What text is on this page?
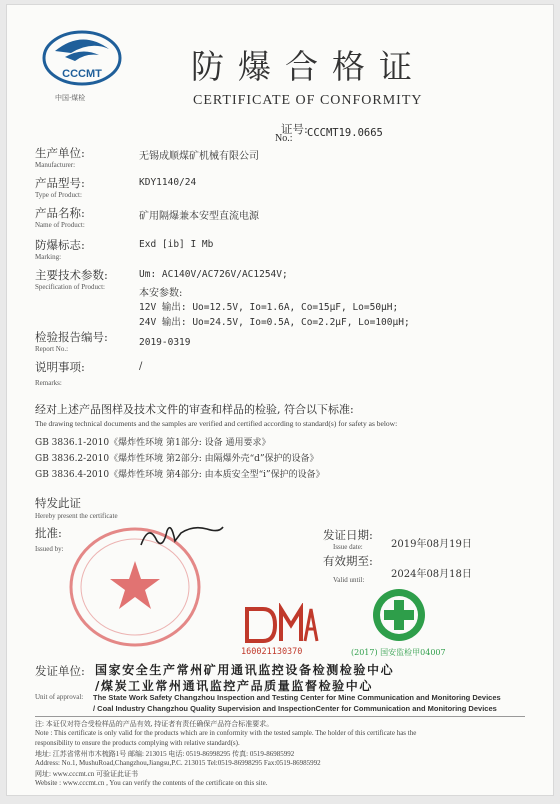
CCCMT
中国·煤检
防爆合格证
CERTIFICATE OF CONFORMITY
证号:
No.: CCCMT19.0665
生产单位:
Manufacturer:
无锡成顺煤矿机械有限公司
产品型号:
Type of Product:
KDY1140/24
产品名称:
Name of Product:
矿用隔爆兼本安型直流电源
防爆标志:
Marking:
Exd [ib] I Mb
主要技术参数:
Specification of Product:
Um: AC140V/AC726V/AC1254V;
本安参数:
12V 输出: Uo=12.5V, Io=1.6A, Co=15μF, Lo=50μH;
24V 输出: Uo=24.5V, Io=0.5A, Co=2.2μF, Lo=100μH;
检验报告编号:
Report No.:
2019-0319
说明事项:
Remarks:
/
经对上述产品图样及技术文件的审查和样品的检验, 符合以下标准:
The drawing technical documents and the samples are verified and certified according to standard(s) for safety as below:
GB 3836.1-2010《爆炸性环境 第1部分: 设备 通用要求》
GB 3836.2-2010《爆炸性环境 第2部分: 由隔爆外壳“d”保护的设备》
GB 3836.4-2010《爆炸性环境 第4部分: 由本质安全型“i”保护的设备》
特发此证
Hereby present the certificate
批准:
Issued by:
发证日期:
Issue date:	2019年08月19日
有效期至:
Valid until:	2024年08月18日
160021130370	(2017) 国安监检甲04007
发证单位: 国家安全生产常州矿用通讯监控设备检测检验中心
/煤炭工业常州通讯监控产品质量监督检验中心
Unit of approval: The State Work Safety Changzhou Inspection and Testing Center for Mine Communication and Monitoring Devices
/ Coal Industry Changzhou Quality Supervision and InspectionCenter for Communication and Monitoring Devices
注: 本证仅对符合受检样品的产品有效, 持证者有责任确保产品符合标准要求。
Note : This certificate is only valid for the products which are in conformity with the tested sample. The holder of this certificate has the
responsibility to ensure the products complying with relative standard(s).
地址: 江苏省常州市木梳路1号 邮编: 213015 电话: 0519-86998295 传真: 0519-86985992
Address: No.1, MushuRoad,Changzhou,Jiangsu,P.C. 213015 Tel:0519-86998295 Fax:0519-86985992
网址: www.cccmt.cn 可验证此证书
Website : www.cccmt.cn , You can verify the contents of the certificate on this site.
